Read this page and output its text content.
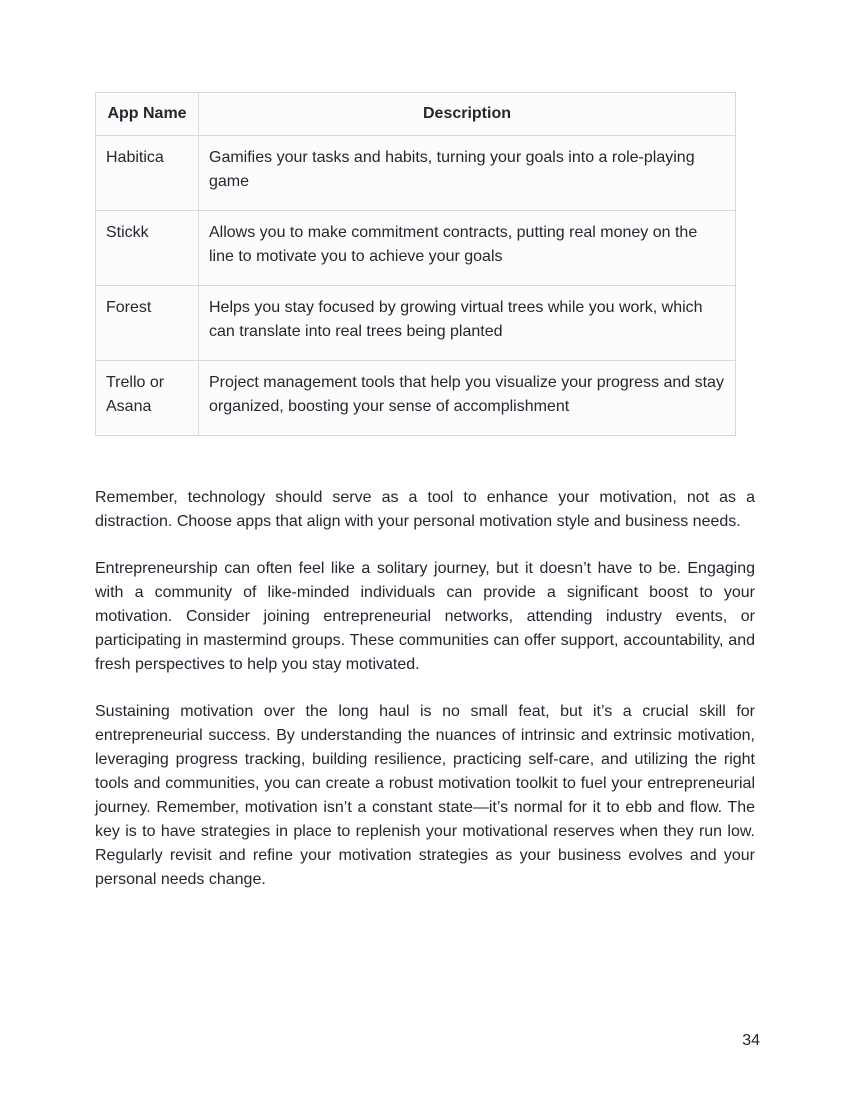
App Name	Description
Habitica	Gamifies your tasks and habits, turning your goals into a role-playing game
Stickk	Allows you to make commitment contracts, putting real money on the line to motivate you to achieve your goals
Forest	Helps you stay focused by growing virtual trees while you work, which can translate into real trees being planted
Trello or Asana	Project management tools that help you visualize your progress and stay organized, boosting your sense of accomplishment

Remember, technology should serve as a tool to enhance your motivation, not as a distraction. Choose apps that align with your personal motivation style and business needs.

Entrepreneurship can often feel like a solitary journey, but it doesn’t have to be. Engaging with a community of like-minded individuals can provide a significant boost to your motivation. Consider joining entrepreneurial networks, attending industry events, or participating in mastermind groups. These communities can offer support, accountability, and fresh perspectives to help you stay motivated.

Sustaining motivation over the long haul is no small feat, but it’s a crucial skill for entrepreneurial success. By understanding the nuances of intrinsic and extrinsic motivation, leveraging progress tracking, building resilience, practicing self-care, and utilizing the right tools and communities, you can create a robust motivation toolkit to fuel your entrepreneurial journey. Remember, motivation isn’t a constant state—it’s normal for it to ebb and flow. The key is to have strategies in place to replenish your motivational reserves when they run low. Regularly revisit and refine your motivation strategies as your business evolves and your personal needs change.

34
